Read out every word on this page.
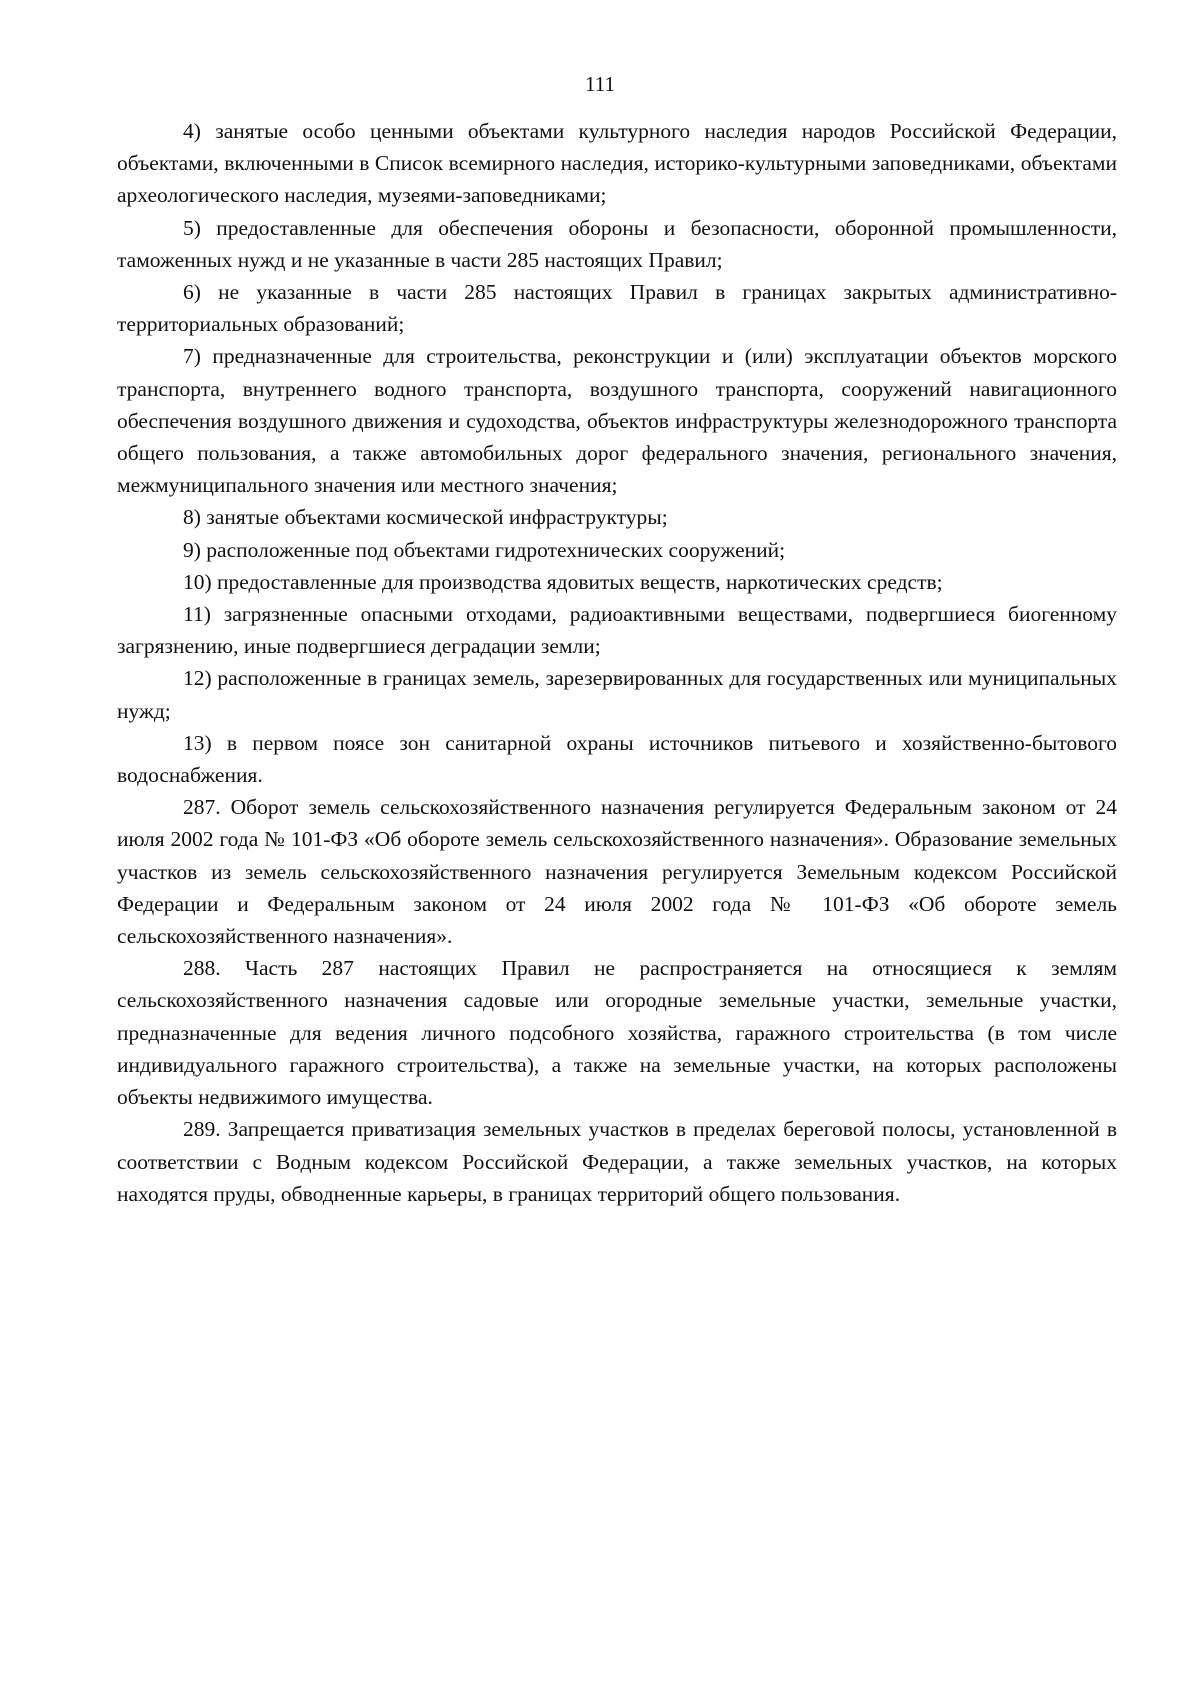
111

4) занятые особо ценными объектами культурного наследия народов Российской Федерации, объектами, включенными в Список всемирного наследия, историко-культурными заповедниками, объектами археологического наследия, музеями-заповедниками;

5) предоставленные для обеспечения обороны и безопасности, оборонной промышленности, таможенных нужд и не указанные в части 285 настоящих Правил;

6) не указанные в части 285 настоящих Правил в границах закрытых административно-территориальных образований;

7) предназначенные для строительства, реконструкции и (или) эксплуатации объектов морского транспорта, внутреннего водного транспорта, воздушного транспорта, сооружений навигационного обеспечения воздушного движения и судоходства, объектов инфраструктуры железнодорожного транспорта общего пользования, а также автомобильных дорог федерального значения, регионального значения, межмуниципального значения или местного значения;

8) занятые объектами космической инфраструктуры;

9) расположенные под объектами гидротехнических сооружений;

10) предоставленные для производства ядовитых веществ, наркотических средств;

11) загрязненные опасными отходами, радиоактивными веществами, подвергшиеся биогенному загрязнению, иные подвергшиеся деградации земли;

12) расположенные в границах земель, зарезервированных для государственных или муниципальных нужд;

13) в первом поясе зон санитарной охраны источников питьевого и хозяйственно-бытового водоснабжения.

287. Оборот земель сельскохозяйственного назначения регулируется Федеральным законом от 24 июля 2002 года № 101-ФЗ «Об обороте земель сельскохозяйственного назначения». Образование земельных участков из земель сельскохозяйственного назначения регулируется Земельным кодексом Российской Федерации и Федеральным законом от 24 июля 2002 года № 101-ФЗ «Об обороте земель сельскохозяйственного назначения».

288. Часть 287 настоящих Правил не распространяется на относящиеся к землям сельскохозяйственного назначения садовые или огородные земельные участки, земельные участки, предназначенные для ведения личного подсобного хозяйства, гаражного строительства (в том числе индивидуального гаражного строительства), а также на земельные участки, на которых расположены объекты недвижимого имущества.

289. Запрещается приватизация земельных участков в пределах береговой полосы, установленной в соответствии с Водным кодексом Российской Федерации, а также земельных участков, на которых находятся пруды, обводненные карьеры, в границах территорий общего пользования.
